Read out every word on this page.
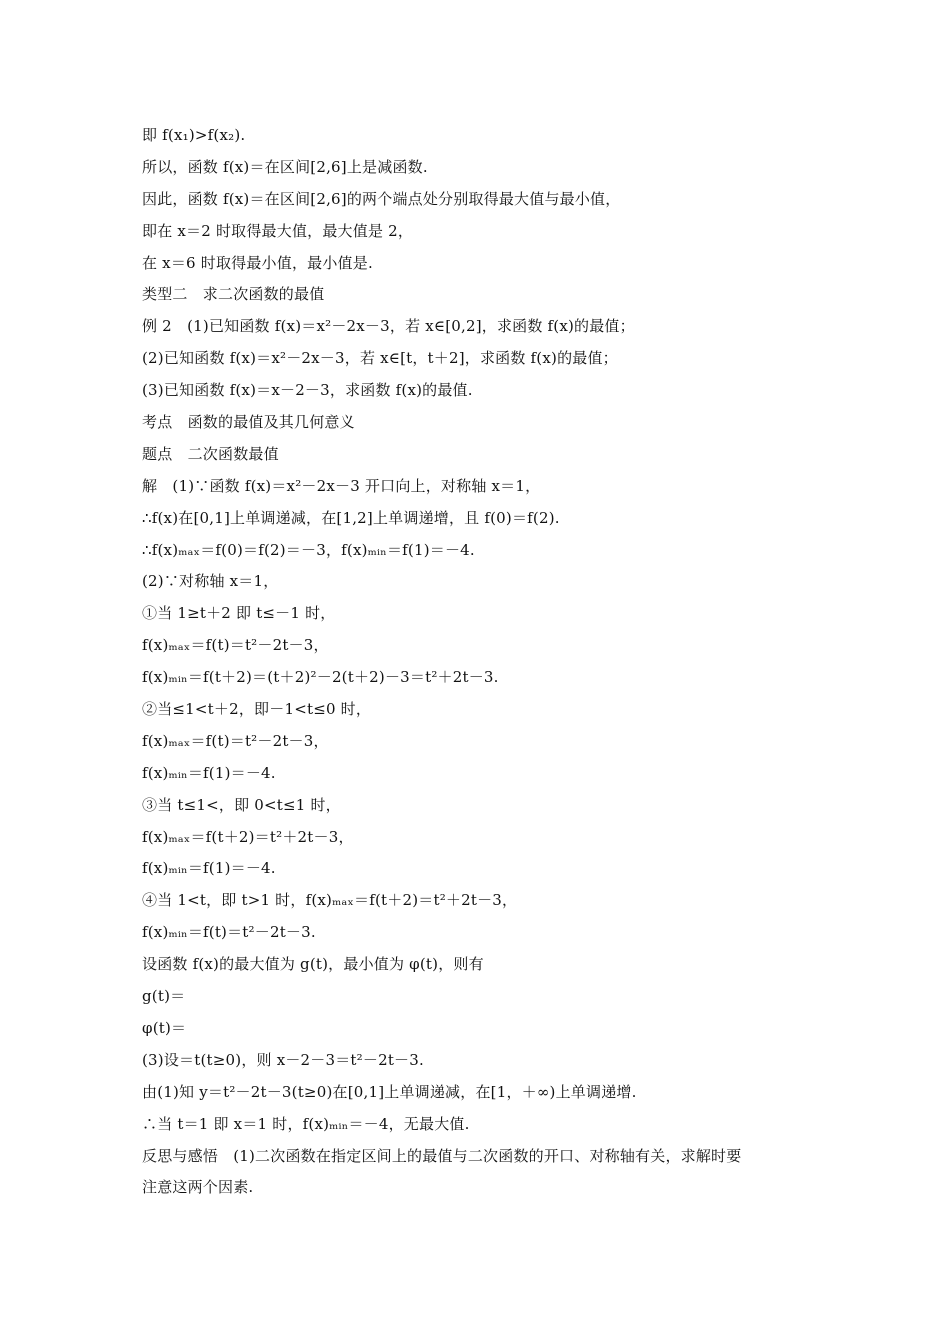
即 f(x₁)>f(x₂).
所以，函数 f(x)＝在区间[2,6]上是减函数.
因此，函数 f(x)＝在区间[2,6]的两个端点处分别取得最大值与最小值，
即在 x＝2 时取得最大值，最大值是 2，
在 x＝6 时取得最小值，最小值是.
类型二　求二次函数的最值
例 2　(1)已知函数 f(x)＝x²－2x－3，若 x∈[0,2]，求函数 f(x)的最值；
(2)已知函数 f(x)＝x²－2x－3，若 x∈[t，t＋2]，求函数 f(x)的最值；
(3)已知函数 f(x)＝x－2－3，求函数 f(x)的最值.
考点　函数的最值及其几何意义
题点　二次函数最值
解　(1)∵函数 f(x)＝x²－2x－3 开口向上，对称轴 x＝1，
∴f(x)在[0,1]上单调递减，在[1,2]上单调递增，且 f(0)＝f(2).
∴f(x)ₘₐₓ＝f(0)＝f(2)＝－3，f(x)ₘᵢₙ＝f(1)＝－4.
(2)∵对称轴 x＝1，
①当 1≥t＋2 即 t≤－1 时，
f(x)ₘₐₓ＝f(t)＝t²－2t－3，
f(x)ₘᵢₙ＝f(t＋2)＝(t＋2)²－2(t＋2)－3＝t²＋2t－3.
②当≤1<t＋2，即－1<t≤0 时，
f(x)ₘₐₓ＝f(t)＝t²－2t－3，
f(x)ₘᵢₙ＝f(1)＝－4.
③当 t≤1<，即 0<t≤1 时，
f(x)ₘₐₓ＝f(t＋2)＝t²＋2t－3，
f(x)ₘᵢₙ＝f(1)＝－4.
④当 1<t，即 t>1 时，f(x)ₘₐₓ＝f(t＋2)＝t²＋2t－3，
f(x)ₘᵢₙ＝f(t)＝t²－2t－3.
设函数 f(x)的最大值为 g(t)，最小值为 φ(t)，则有
g(t)＝
φ(t)＝
(3)设＝t(t≥0)，则 x－2－3＝t²－2t－3.
由(1)知 y＝t²－2t－3(t≥0)在[0,1]上单调递减，在[1，＋∞)上单调递增.
∴当 t＝1 即 x＝1 时，f(x)ₘᵢₙ＝－4，无最大值.
反思与感悟　(1)二次函数在指定区间上的最值与二次函数的开口、对称轴有关，求解时要
注意这两个因素.
